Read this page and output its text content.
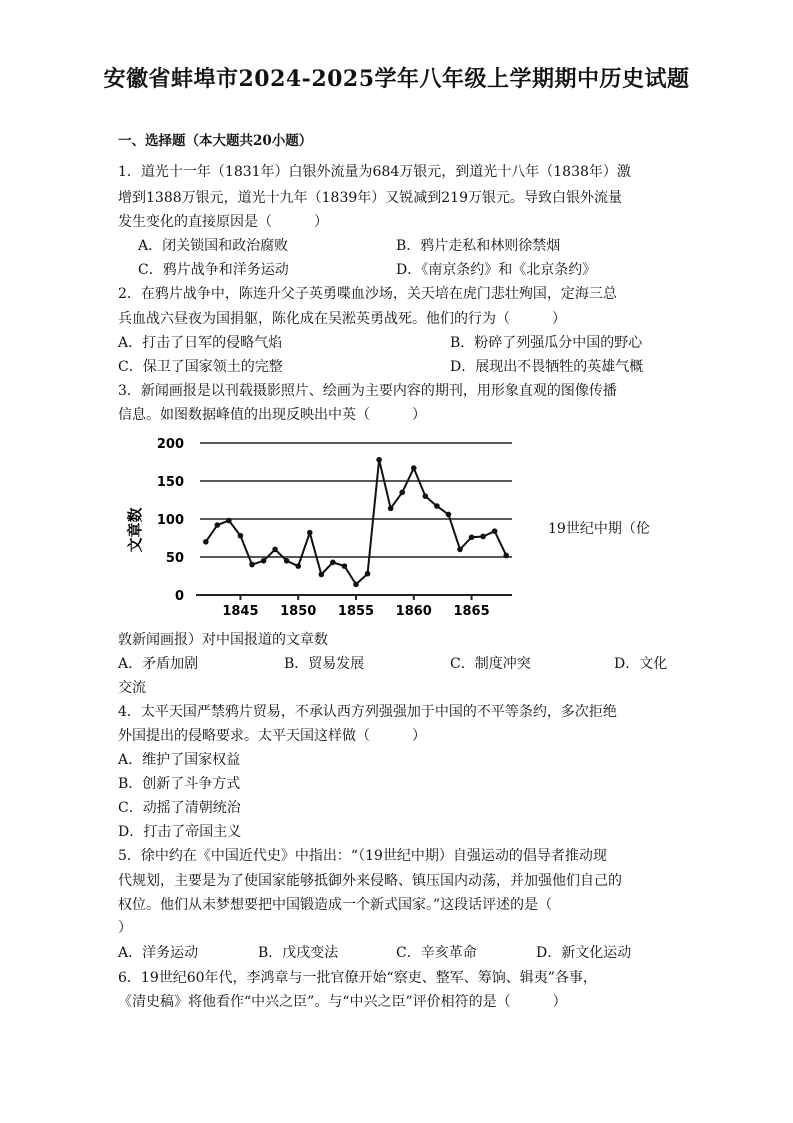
安徽省蚌埠市2024-2025学年八年级上学期期中历史试题
一、选择题（本大题共20小题）
1．道光十一年（1831年）白银外流量为684万银元，到道光十八年（1838年）激
增到1388万银元，道光十九年（1839年）又锐减到219万银元。导致白银外流量
发生变化的直接原因是（　　　）
A．闭关锁国和政治腐败	B．鸦片走私和林则徐禁烟
C．鸦片战争和洋务运动	D．《南京条约》和《北京条约》
2．在鸦片战争中，陈连升父子英勇喋血沙场，关天培在虎门悲壮殉国，定海三总
兵血战六昼夜为国捐躯，陈化成在吴淞英勇战死。他们的行为（　　　）
A．打击了日军的侵略气焰	B．粉碎了列强瓜分中国的野心
C．保卫了国家领土的完整	D．展现出不畏牺牲的英雄气概
3．新闻画报是以刊载摄影照片、绘画为主要内容的期刊，用形象直观的图像传播
信息。如图数据峰值的出现反映出中英（　　　）
0
50
100
150
200
1845 1850 1855 1860 1865
文章数	19世纪中期（伦
敦新闻画报）对中国报道的文章数
A．矛盾加剧	B．贸易发展	C．制度冲突	D．文化
交流
4．太平天国严禁鸦片贸易，不承认西方列强强加于中国的不平等条约，多次拒绝
外国提出的侵略要求。太平天国这样做（　　　）
A．维护了国家权益
B．创新了斗争方式
C．动摇了清朝统治
D．打击了帝国主义
5．徐中约在《中国近代史》中指出：“（19世纪中期）自强运动的倡导者推动现
代规划，主要是为了使国家能够抵御外来侵略、镇压国内动荡，并加强他们自己的
权位。他们从未梦想要把中国锻造成一个新式国家。”这段话评述的是（
）
A．洋务运动	B．戊戌变法	C．辛亥革命	D．新文化运动
6．19世纪60年代，李鸿章与一批官僚开始“察吏、整军、筹饷、辑夷”各事，
《清史稿》将他看作“中兴之臣”。与“中兴之臣”评价相符的是（　　　）
